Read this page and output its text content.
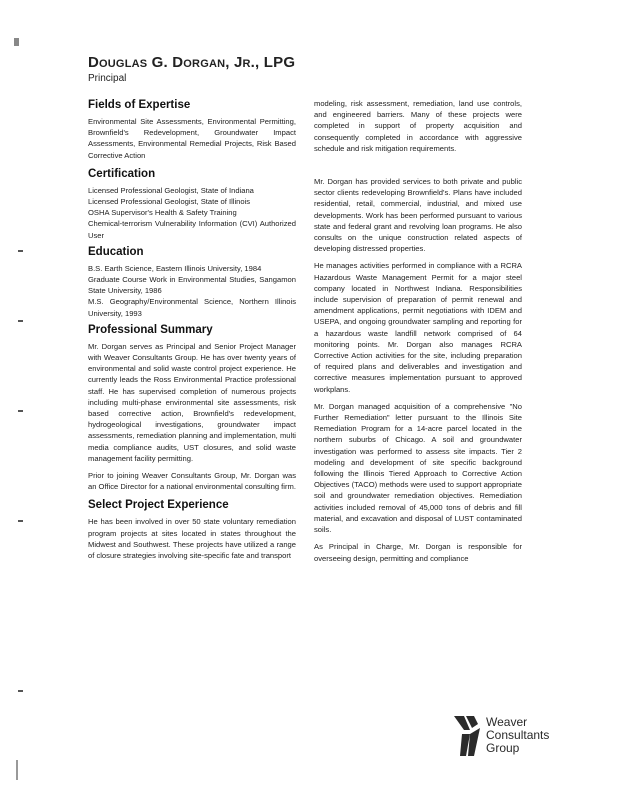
Douglas G. Dorgan, Jr., LPG
Principal
Fields of Expertise

Environmental Site Assessments, Environmental Permitting, Brownfield's Redevelopment, Groundwater Impact Assessments, Environmental Remedial Projects, Risk Based Corrective Action

Certification
Licensed Professional Geologist, State of Indiana
Licensed Professional Geologist, State of Illinois
OSHA Supervisor's Health & Safety Training

Chemical-terrorism Vulnerability Information (CVI) Authorized User

Education
B.S. Earth Science, Eastern Illinois University, 1984

Graduate Course Work in Environmental Studies, Sangamon State University, 1986

M.S. Geography/Environmental Science, Northern Illinois University, 1993

Professional Summary

Mr. Dorgan serves as Principal and Senior Project Manager with Weaver Consultants Group. He has over twenty years of environmental and solid waste control project experience. He currently leads the Ross Environmental Practice professional staff. He has supervised completion of numerous projects including multi-phase environmental site assessments, risk based corrective action, Brownfield's redevelopment, hydrogeological investigations, groundwater impact assessments, remediation planning and implementation, multi media compliance audits, UST closures, and solid waste management facility permitting.

Prior to joining Weaver Consultants Group, Mr. Dorgan was an Office Director for a national environmental consulting firm.

Select Project Experience

He has been involved in over 50 state voluntary remediation program projects at sites located in states throughout the Midwest and Southwest. These projects have utilized a range of closure strategies involving site-specific fate and transport

modeling, risk assessment, remediation, land use controls, and engineered barriers. Many of these projects were completed in support of property acquisition and consequently completed in accordance with aggressive schedule and risk mitigation requirements.

Mr. Dorgan has provided services to both private and public sector clients redeveloping Brownfield's. Plans have included residential, retail, commercial, industrial, and mixed use developments. Work has been performed pursuant to various state and federal grant and revolving loan programs. He also consults on the unique construction related aspects of developing distressed properties.

He manages activities performed in compliance with a RCRA Hazardous Waste Management Permit for a major steel company located in Northwest Indiana. Responsibilities include supervision of preparation of permit renewal and amendment applications, permit negotiations with IDEM and USEPA, and ongoing groundwater sampling and reporting for a hazardous waste landfill network comprised of 64 monitoring points. Mr. Dorgan also manages RCRA Corrective Action activities for the site, including preparation of required plans and deliverables and investigation and corrective measures implementation pursuant to approved workplans.

Mr. Dorgan managed acquisition of a comprehensive "No Further Remediation" letter pursuant to the Illinois Site Remediation Program for a 14-acre parcel located in the northern suburbs of Chicago. A soil and groundwater investigation was performed to assess site impacts. Tier 2 modeling and development of site specific background following the Illinois Tiered Approach to Corrective Action Objectives (TACO) methods were used to support appropriate soil and groundwater remediation objectives. Remediation activities included removal of 45,000 tons of debris and fill material, and excavation and disposal of LUST contaminated soils.

As Principal in Charge, Mr. Dorgan is responsible for overseeing design, permitting and compliance

Weaver
Consultants
Group
